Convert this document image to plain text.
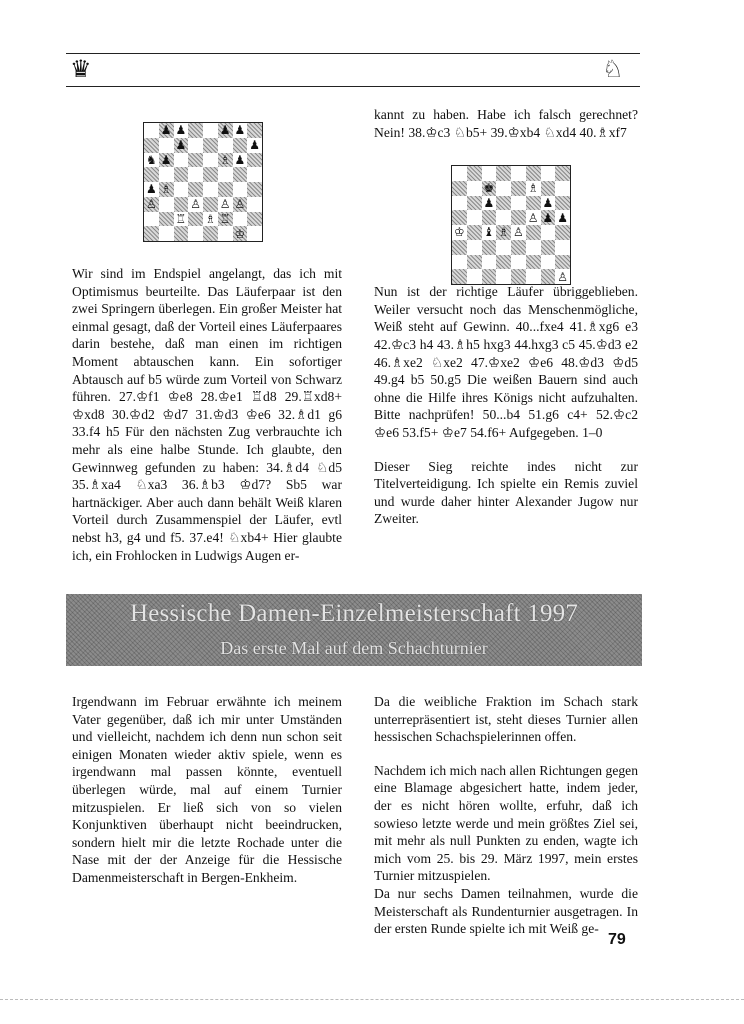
♛	♘
♟ ♟	♟ ♟
♟	♟
♞ ♟	♗ ♟
♟ ♗
♙	♙ ♙ ♙
♖ ♗ ♖
♔
♚	♗
♟	♟
♙ ♟ ♟
♔ ♝ ♗ ♙
♙

Wir sind im Endspiel angelangt, das ich mit Optimismus beurteilte. Das Läuferpaar ist den zwei Springern überlegen. Ein großer Meister hat einmal gesagt, daß der Vorteil eines Läuferpaares darin bestehe, daß man einen im richtigen Moment abtauschen kann. Ein sofortiger Abtausch auf b5 würde zum Vorteil von Schwarz führen. 27.♔f1 ♔e8 28.♔e1 ♖d8 29.♖xd8+ ♔xd8 30.♔d2 ♔d7 31.♔d3 ♔e6 32.♗d1 g6 33.f4 h5 Für den nächsten Zug verbrauchte ich mehr als eine halbe Stunde. Ich glaubte, den Gewinnweg gefunden zu haben: 34.♗d4 ♘d5 35.♗xa4 ♘xa3 36.♗b3 ♔d7? Sb5 war hartnäckiger. Aber auch dann behält Weiß klaren Vorteil durch Zusammenspiel der Läufer, evtl nebst h3, g4 und f5. 37.e4! ♘xb4+ Hier glaubte ich, ein Frohlocken in Ludwigs Augen er-

kannt zu haben. Habe ich falsch gerechnet? Nein! 38.♔c3 ♘b5+ 39.♔xb4 ♘xd4 40.♗xf7

Nun ist der richtige Läufer übriggeblieben. Weiler versucht noch das Menschenmögliche, Weiß steht auf Gewinn. 40...fxe4 41.♗xg6 e3 42.♔c3 h4 43.♗h5 hxg3 44.hxg3 c5 45.♔d3 e2 46.♗xe2 ♘xe2 47.♔xe2 ♔e6 48.♔d3 ♔d5 49.g4 b5 50.g5 Die weißen Bauern sind auch ohne die Hilfe ihres Königs nicht aufzuhalten. Bitte nachprüfen! 50...b4 51.g6 c4+ 52.♔c2 ♔e6 53.f5+ ♔e7 54.f6+ Aufgegeben. 1–0

Dieser Sieg reichte indes nicht zur Titelverteidigung. Ich spielte ein Remis zuviel und wurde daher hinter Alexander Jugow nur Zweiter.

Hessische Damen-Einzelmeisterschaft 1997
Das erste Mal auf dem Schachturnier

Irgendwann im Februar erwähnte ich meinem Vater gegenüber, daß ich mir unter Umständen und vielleicht, nachdem ich denn nun schon seit einigen Monaten wieder aktiv spiele, wenn es irgendwann mal passen könnte, eventuell überlegen würde, mal auf einem Turnier mitzuspielen. Er ließ sich von so vielen Konjunktiven überhaupt nicht beeindrucken, sondern hielt mir die letzte Rochade unter die Nase mit der der Anzeige für die Hessische Damenmeisterschaft in Bergen-Enkheim.

Da die weibliche Fraktion im Schach stark unterrepräsentiert ist, steht dieses Turnier allen hessischen Schachspielerinnen offen.

Nachdem ich mich nach allen Richtungen gegen eine Blamage abgesichert hatte, indem jeder, der es nicht hören wollte, erfuhr, daß ich sowieso letzte werde und mein größtes Ziel sei, mit mehr als null Punkten zu enden, wagte ich mich vom 25. bis 29. März 1997, mein erstes Turnier mitzuspielen.

Da nur sechs Damen teilnahmen, wurde die Meisterschaft als Rundenturnier ausgetragen. In der ersten Runde spielte ich mit Weiß ge-

79
